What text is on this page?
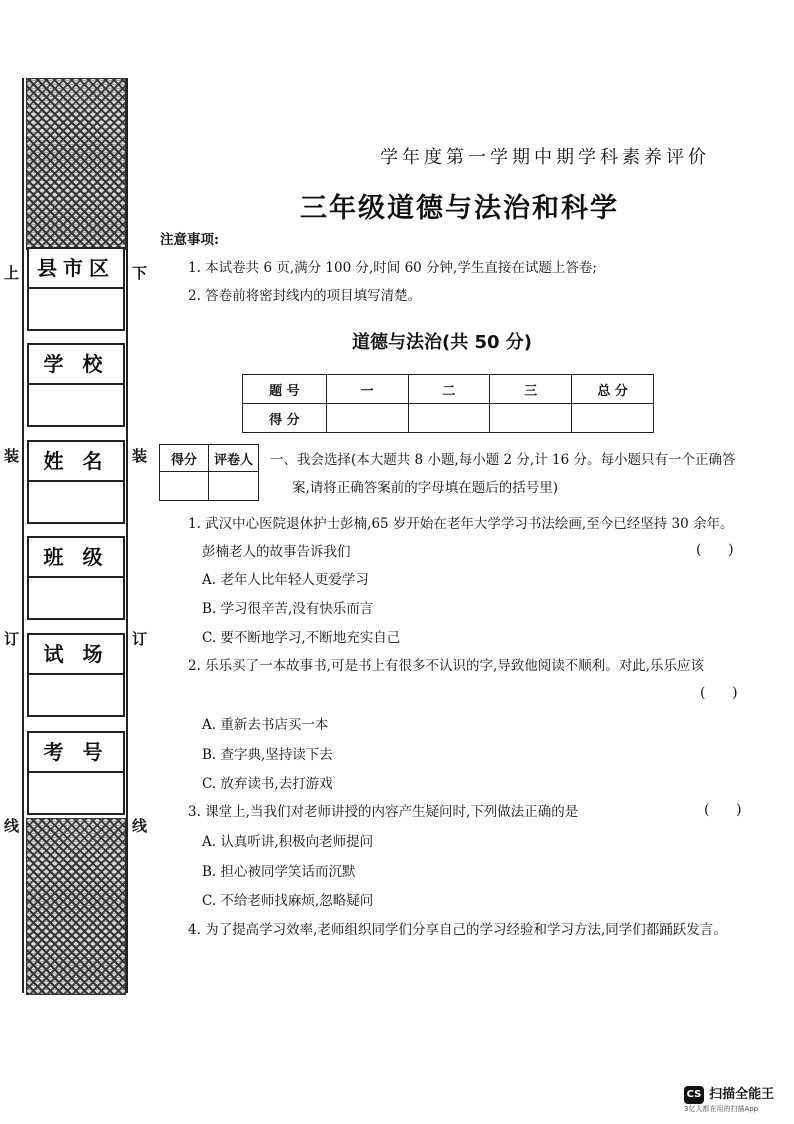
上	下
装	装
订	订
线	线
县市区
学 校
姓 名
班 级
试 场
考 号
学年度第一学期中期学科素养评价
三年级道德与法治和科学
注意事项:
1. 本试卷共 6 页,满分 100 分,时间 60 分钟,学生直接在试题上答卷;
2. 答卷前将密封线内的项目填写清楚。
道德与法治(共 50 分)
题 号	一	二	三	总 分
得 分				
得分	评卷人
	一、我会选择(本大题共 8 小题,每小题 2 分,计 16 分。每小题只有一个正确答
案,请将正确答案前的字母填在题后的括号里)
1. 武汉中心医院退休护士彭楠,65 岁开始在老年大学学习书法绘画,至今已经坚持 30 余年。
彭楠老人的故事告诉我们	(      )
A. 老年人比年轻人更爱学习
B. 学习很辛苦,没有快乐而言
C. 要不断地学习,不断地充实自己
2. 乐乐买了一本故事书,可是书上有很多不认识的字,导致他阅读不顺利。对此,乐乐应该
(      )
A. 重新去书店买一本
B. 查字典,坚持读下去
C. 放弃读书,去打游戏
3. 课堂上,当我们对老师讲授的内容产生疑问时,下列做法正确的是	(      )
A. 认真听讲,积极向老师提问
B. 担心被同学笑话而沉默
C. 不给老师找麻烦,忽略疑问
4. 为了提高学习效率,老师组织同学们分享自己的学习经验和学习方法,同学们都踊跃发言。
CS 扫描全能王
3亿人都在用的扫描App
